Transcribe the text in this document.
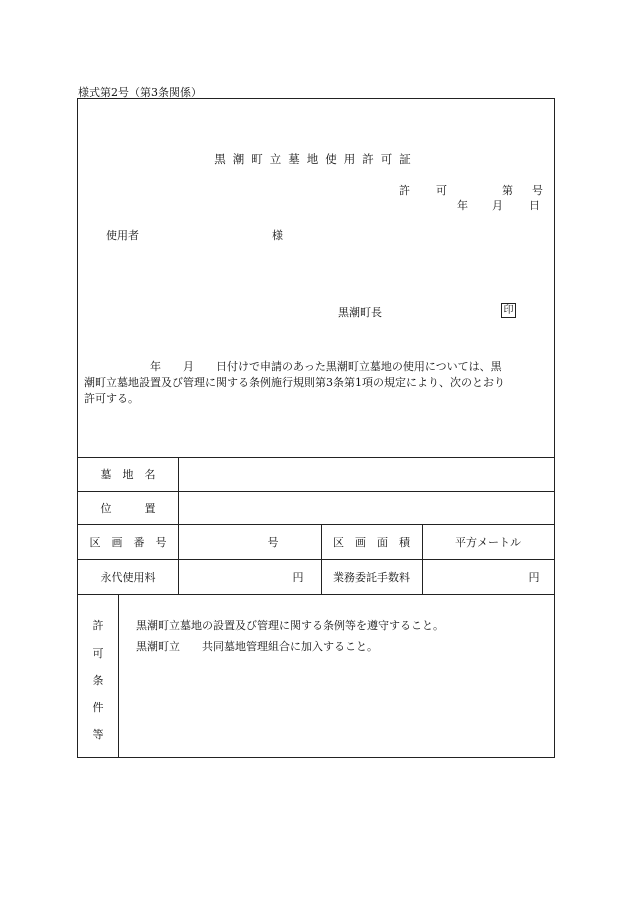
様式第2号（第3条関係）
黒潮町立墓地使用許可証
許 可	第 号
年 月 日
使用者	様
黒潮町長	印
　　　　　　年　　月　　日付けで申請のあった黒潮町立墓地の使用については、黒
潮町立墓地設置及び管理に関する条例施行規則第3条第1項の規定により、次のとおり
許可する。
墓　地　名
位　　　置
区　画　番　号	号	区　画　面　積	平方メートル
永代使用料	円	業務委託手数料	円
許
可
条
件
等
黒潮町立墓地の設置及び管理に関する条例等を遵守すること。
黒潮町立　　共同墓地管理組合に加入すること。
